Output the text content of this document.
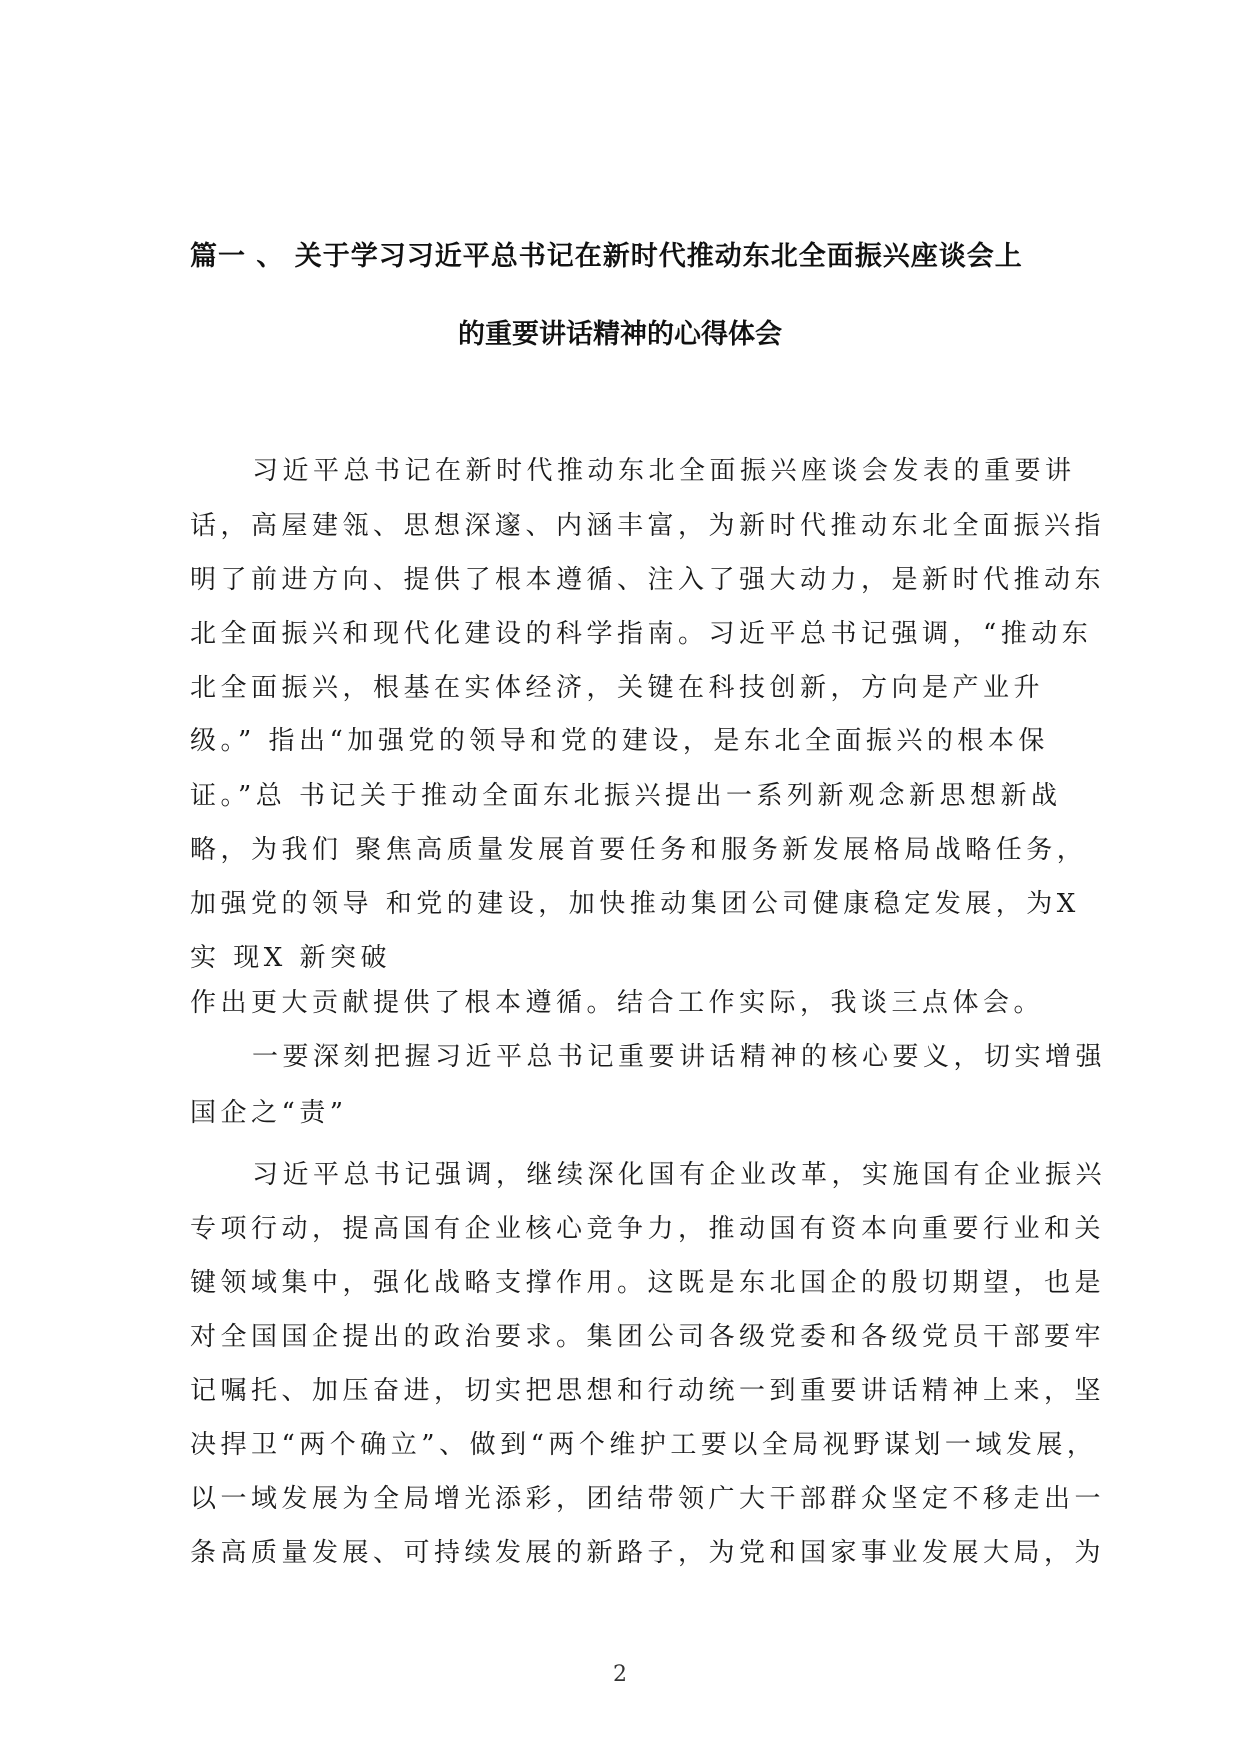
篇一 、 关于学习习近平总书记在新时代推动东北全面振兴座谈会上
的重要讲话精神的心得体会
习近平总书记在新时代推动东北全面振兴座谈会发表的重要讲
话，高屋建瓴、思想深邃、内涵丰富，为新时代推动东北全面振兴指
明了前进方向、提供了根本遵循、注入了强大动力，是新时代推动东
北全面振兴和现代化建设的科学指南。习近平总书记强调，“推动东
北全面振兴，根基在实体经济，关键在科技创新，方向是产业升
级。” 指出“加强党的领导和党的建设，是东北全面振兴的根本保
证。”总 书记关于推动全面东北振兴提出一系列新观念新思想新战
略，为我们 聚焦高质量发展首要任务和服务新发展格局战略任务，
加强党的领导 和党的建设，加快推动集团公司健康稳定发展，为X
实 现X 新突破
作出更大贡献提供了根本遵循。结合工作实际，我谈三点体会。
一要深刻把握习近平总书记重要讲话精神的核心要义，切实增强
国企之“责”
习近平总书记强调，继续深化国有企业改革，实施国有企业振兴
专项行动，提高国有企业核心竞争力，推动国有资本向重要行业和关
键领域集中，强化战略支撑作用。这既是东北国企的殷切期望，也是
对全国国企提出的政治要求。集团公司各级党委和各级党员干部要牢
记嘱托、加压奋进，切实把思想和行动统一到重要讲话精神上来，坚
决捍卫“两个确立”、做到“两个维护工要以全局视野谋划一域发展，
以一域发展为全局增光添彩，团结带领广大干部群众坚定不移走出一
条高质量发展、可持续发展的新路子，为党和国家事业发展大局，为
2
